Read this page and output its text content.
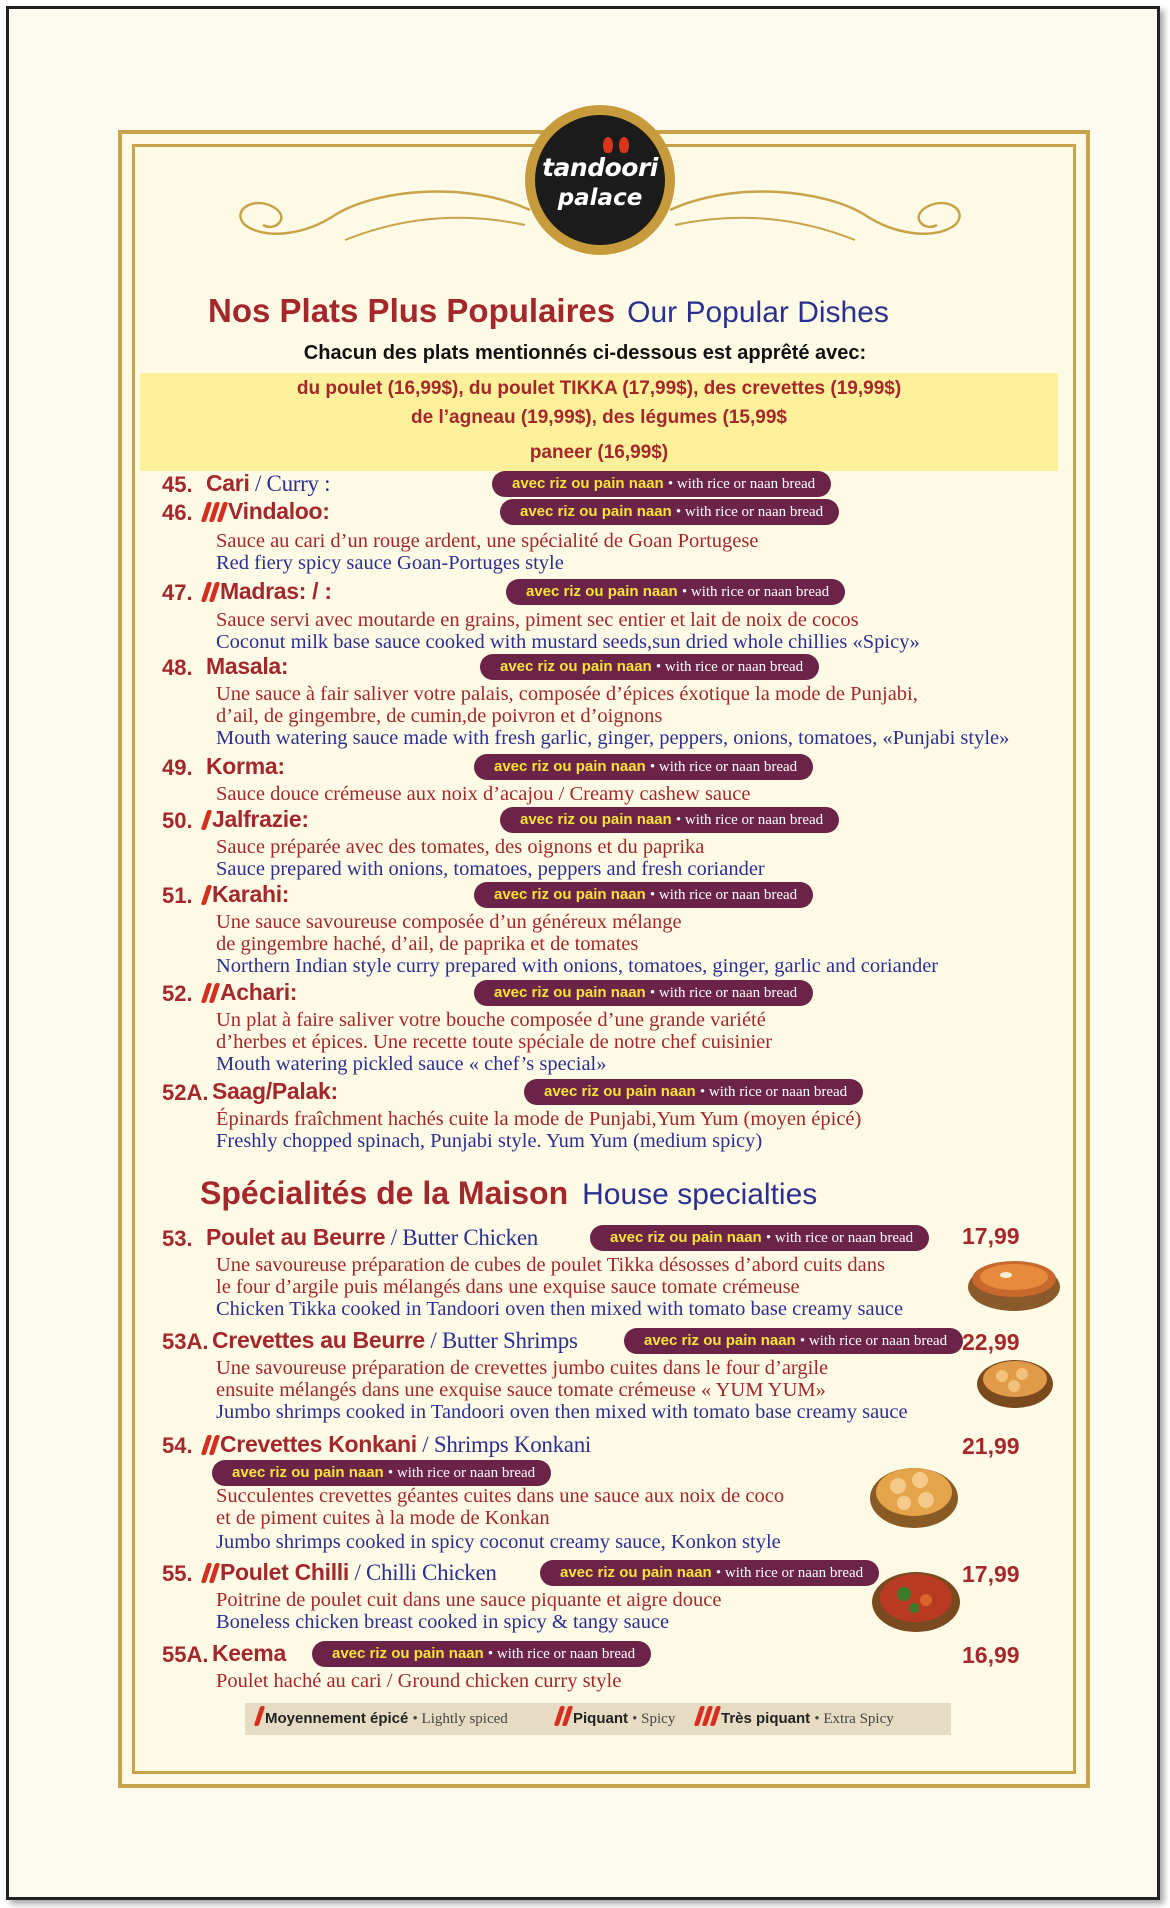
tandoori
palace
Nos Plats Plus Populaires Our Popular Dishes
Chacun des plats mentionnés ci-dessous est apprêté avec:
du poulet (16,99$), du poulet TIKKA (17,99$), des crevettes (19,99$)
de l’agneau (19,99$), des légumes (15,99$
paneer (16,99$)
45. Cari / Curry :	avec riz ou pain naan • with rice or naan bread
46.	Vindaloo:	avec riz ou pain naan • with rice or naan bread
Sauce au cari d’un rouge ardent, une spécialité de Goan Portugese
Red fiery spicy sauce Goan-Portuges style
47.	Madras: / :	avec riz ou pain naan • with rice or naan bread
Sauce servi avec moutarde en grains, piment sec entier et lait de noix de cocos
Coconut milk base sauce cooked with mustard seeds,sun dried whole chillies «Spicy»
48. Masala:	avec riz ou pain naan • with rice or naan bread
Une sauce à fair saliver votre palais, composée d’épices éxotique la mode de Punjabi,
d’ail, de gingembre, de cumin,de poivron et d’oignons
Mouth watering sauce made with fresh garlic, ginger, peppers, onions, tomatoes, «Punjabi style»
49. Korma:	avec riz ou pain naan • with rice or naan bread
Sauce douce crémeuse aux noix d’acajou / Creamy cashew sauce
50. Jalfrazie:	avec riz ou pain naan • with rice or naan bread
Sauce préparée avec des tomates, des oignons et du paprika
Sauce prepared with onions, tomatoes, peppers and fresh coriander
51. Karahi:	avec riz ou pain naan • with rice or naan bread
Une sauce savoureuse composée d’un généreux mélange
de gingembre haché, d’ail, de paprika et de tomates
Northern Indian style curry prepared with onions, tomatoes, ginger, garlic and coriander
52.	Achari:	avec riz ou pain naan • with rice or naan bread
Un plat à faire saliver votre bouche composée d’une grande variété
d’herbes et épices. Une recette toute spéciale de notre chef cuisinier
Mouth watering pickled sauce « chef’s special»
52A. Saag/Palak:	avec riz ou pain naan • with rice or naan bread
Épinards fraîchment hachés cuite la mode de Punjabi,Yum Yum (moyen épicé)
Freshly chopped spinach, Punjabi style. Yum Yum (medium spicy)
Spécialités de la Maison House specialties
53. Poulet au Beurre / Butter Chicken	avec riz ou pain naan • with rice or naan bread
Une savoureuse préparation de cubes de poulet Tikka désosses d’abord cuits dans
le four d’argile puis mélangés dans une exquise sauce tomate crémeuse
Chicken Tikka cooked in Tandoori oven then mixed with tomato base creamy sauce
17,99
53A. Crevettes au Beurre / Butter Shrimps	avec riz ou pain naan • with rice or naan bread
Une savoureuse préparation de crevettes jumbo cuites dans le four d’argile
ensuite mélangés dans une exquise sauce tomate crémeuse « YUM YUM»
Jumbo shrimps cooked in Tandoori oven then mixed with tomato base creamy sauce
22,99
54.	Crevettes Konkani / Shrimps Konkani
avec riz ou pain naan • with rice or naan bread
Succulentes crevettes géantes cuites dans une sauce aux noix de coco
et de piment cuites à la mode de Konkan
Jumbo shrimps cooked in spicy coconut creamy sauce, Konkon style
21,99
55.	Poulet Chilli / Chilli Chicken	avec riz ou pain naan • with rice or naan bread
Poitrine de poulet cuit dans une sauce piquante et aigre douce
Boneless chicken breast cooked in spicy & tangy sauce
17,99
55A. Keema	avec riz ou pain naan • with rice or naan bread
Poulet haché au cari / Ground chicken curry style
16,99
Moyennement épicé • Lightly spiced	Piquant • Spicy	Très piquant • Extra Spicy
